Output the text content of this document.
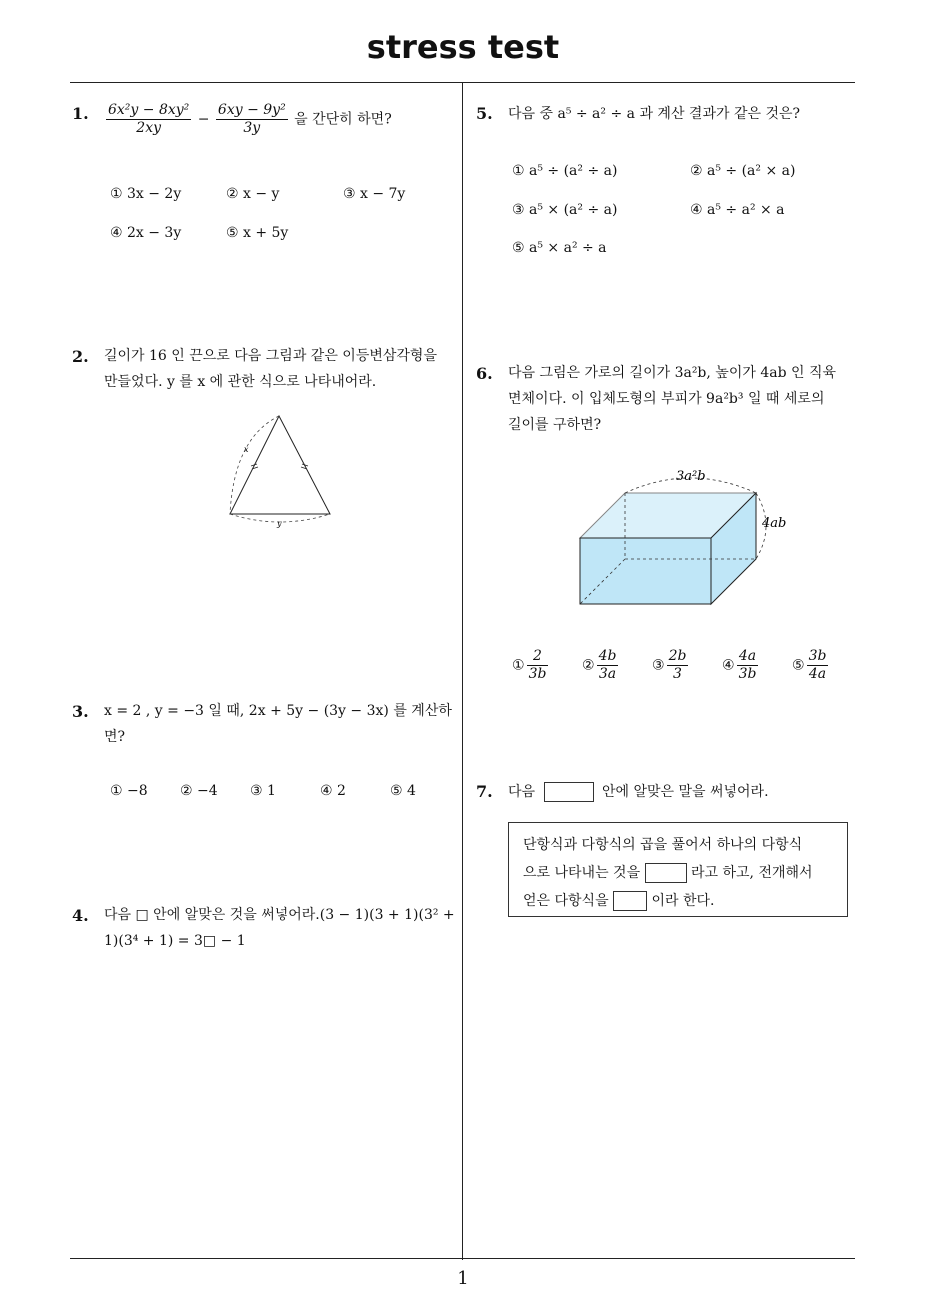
stress test
1
1. $\frac{\text{6x²y − 8xy²}}{2xy} - \frac{\text{6xy − 9y²}}{3y}$ 을 간단히 하면?
① 3x − 2y	② x − y	③ x − 7y
④ 2x − 3y	⑤ x + 5y
2. 길이가 16 인 끈으로 다음 그림과 같은 이등변삼각형을
만들었다. y 를 x 에 관한 식으로 나타내어라.
x
y
3. x = 2 , y = −3 일 때, 2x + 5y − (3y − 3x) 를 계산하
면?
① −8 ② −4 ③ 1	④ 2	⑤ 4
4. 다음 □ 안에 알맞은 것을 써넣어라.(3 − 1)(3 + 1)(3² +
1)(3⁴ + 1) = 3□ − 1
5. 다음 중 a⁵ ÷ a² ÷ a 과 계산 결과가 같은 것은?
① a⁵ ÷ (a² ÷ a)	② a⁵ ÷ (a² × a)
③ a⁵ × (a² ÷ a)	④ a⁵ ÷ a² × a
⑤ a⁵ × a² ÷ a
6. 다음 그림은 가로의 길이가 3a²b, 높이가 4ab 인 직육
면체이다. 이 입체도형의 부피가 9a²b³ 일 때 세로의
길이를 구하면?
3a²b
4ab
① $\frac{2}{3b}$ ② $\frac{4b}{3a}$ ③ $\frac{2b}{3}$ ④ $\frac{4a}{3b}$ ⑤ $\frac{3b}{4a}$
7. 다음	안에 알맞은 말을 써넣어라.
단항식과 다항식의 곱을 풀어서 하나의 다항식
으로 나타내는 것을	라고 하고, 전개해서
얻은 다항식을	이라 한다.
